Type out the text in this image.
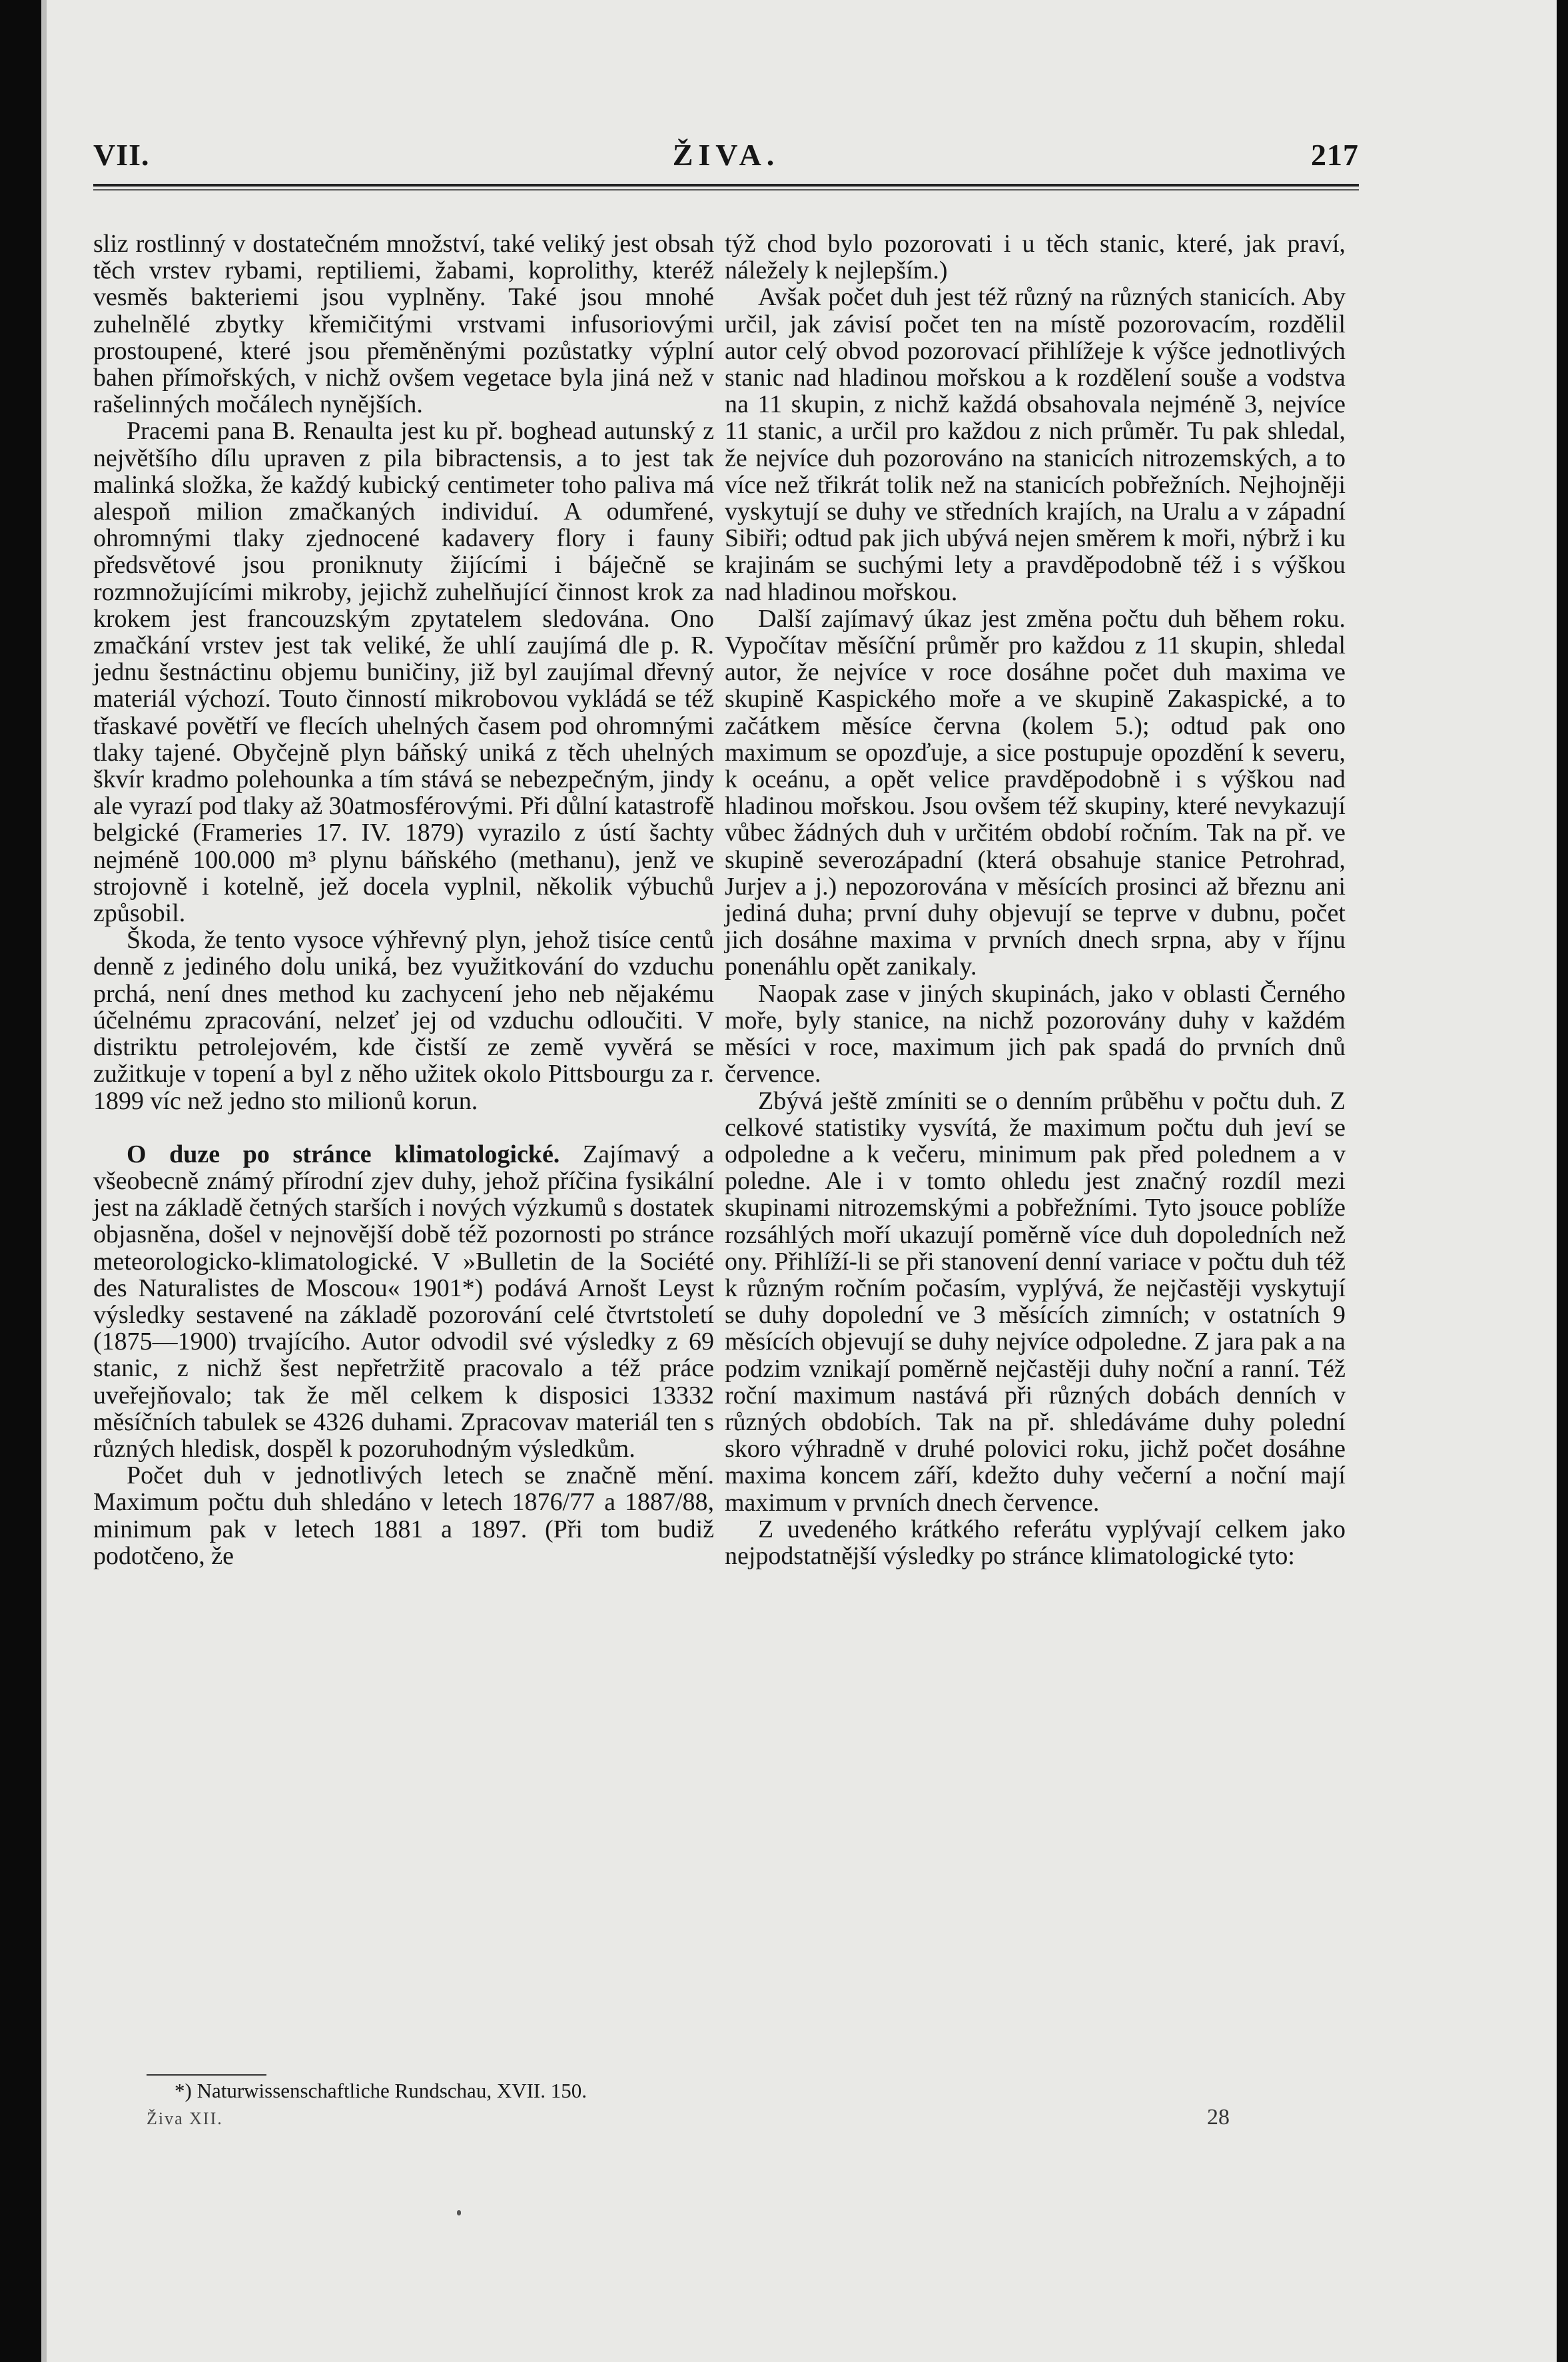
VII.	ŽIVA.	217

sliz rostlinný v dostatečném množství, také veliký jest obsah těch vrstev rybami, reptiliemi, žabami, koprolithy, kteréž vesměs bakteriemi jsou vyplněny. Také jsou mnohé zuhelnělé zbytky křemičitými vrstvami infusoriovými prostoupené, které jsou přeměněnými pozůstatky výplní bahen přímořských, v nichž ovšem vegetace byla jiná než v rašelinných močálech nynějších.

Pracemi pana B. Renaulta jest ku př. boghead autunský z největšího dílu upraven z pila bibractensis, a to jest tak malinká složka, že každý kubický centimeter toho paliva má alespoň milion zmačkaných individuí. A odumřené, ohromnými tlaky zjednocené kadavery flory i fauny předsvětové jsou proniknuty žijícími i báječně se rozmnožujícími mikroby, jejichž zuhelňující činnost krok za krokem jest francouzským zpytatelem sledována. Ono zmačkání vrstev jest tak veliké, že uhlí zaujímá dle p. R. jednu šestnáctinu objemu buničiny, již byl zaujímal dřevný materiál výchozí. Touto činností mikrobovou vykládá se též třaskavé povětří ve flecích uhelných časem pod ohromnými tlaky tajené. Obyčejně plyn báňský uniká z těch uhelných škvír kradmo polehounka a tím stává se nebezpečným, jindy ale vyrazí pod tlaky až 30atmosférovými. Při důlní katastrofě belgické (Frameries 17. IV. 1879) vyrazilo z ústí šachty nejméně 100.000 m³ plynu báňského (methanu), jenž ve strojovně i kotelně, jež docela vyplnil, několik výbuchů způsobil.

Škoda, že tento vysoce výhřevný plyn, jehož tisíce centů denně z jediného dolu uniká, bez využitkování do vzduchu prchá, není dnes method ku zachycení jeho neb nějakému účelnému zpracování, nelzeť jej od vzduchu odloučiti. V distriktu petrolejovém, kde čistší ze země vyvěrá se zužitkuje v topení a byl z něho užitek okolo Pittsbourgu za r. 1899 víc než jedno sto milionů korun.

O duze po stránce klimatologické. Zajímavý a všeobecně známý přírodní zjev duhy, jehož příčina fysikální jest na základě četných starších i nových výzkumů s dostatek objasněna, došel v nejnovější době též pozornosti po stránce meteorologicko-klimatologické. V »Bulletin de la Société des Naturalistes de Moscou« 1901*) podává Arnošt Leyst výsledky sestavené na základě pozorování celé čtvrtstoletí (1875—1900) trvajícího. Autor odvodil své výsledky z 69 stanic, z nichž šest nepřetržitě pracovalo a též práce uveřejňovalo; tak že měl celkem k disposici 13332 měsíčních tabulek se 4326 duhami. Zpracovav materiál ten s různých hledisk, dospěl k pozoruhodným výsledkům.

Počet duh v jednotlivých letech se značně mění. Maximum počtu duh shledáno v letech 1876/77 a 1887/88, minimum pak v letech 1881 a 1897. (Při tom budiž podotčeno, že

týž chod bylo pozorovati i u těch stanic, které, jak praví, náležely k nejlepším.)

Avšak počet duh jest též různý na různých stanicích. Aby určil, jak závisí počet ten na místě pozorovacím, rozdělil autor celý obvod pozorovací přihlížeje k výšce jednotlivých stanic nad hladinou mořskou a k rozdělení souše a vodstva na 11 skupin, z nichž každá obsahovala nejméně 3, nejvíce 11 stanic, a určil pro každou z nich průměr. Tu pak shledal, že nejvíce duh pozorováno na stanicích nitrozemských, a to více než třikrát tolik než na stanicích pobřežních. Nejhojněji vyskytují se duhy ve středních krajích, na Uralu a v západní Sibiři; odtud pak jich ubývá nejen směrem k moři, nýbrž i ku krajinám se suchými lety a pravděpodobně též i s výškou nad hladinou mořskou.

Další zajímavý úkaz jest změna počtu duh během roku. Vypočítav měsíční průměr pro každou z 11 skupin, shledal autor, že nejvíce v roce dosáhne počet duh maxima ve skupině Kaspického moře a ve skupině Zakaspické, a to začátkem měsíce června (kolem 5.); odtud pak ono maximum se opozďuje, a sice postupuje opozdění k severu, k oceánu, a opět velice pravděpodobně i s výškou nad hladinou mořskou. Jsou ovšem též skupiny, které nevykazují vůbec žádných duh v určitém období ročním. Tak na př. ve skupině severozápadní (která obsahuje stanice Petrohrad, Jurjev a j.) nepozorována v měsících prosinci až březnu ani jediná duha; první duhy objevují se teprve v dubnu, počet jich dosáhne maxima v prvních dnech srpna, aby v říjnu ponenáhlu opět zanikaly.

Naopak zase v jiných skupinách, jako v oblasti Černého moře, byly stanice, na nichž pozorovány duhy v každém měsíci v roce, maximum jich pak spadá do prvních dnů července.

Zbývá ještě zmíniti se o denním průběhu v počtu duh. Z celkové statistiky vysvítá, že maximum počtu duh jeví se odpoledne a k večeru, minimum pak před polednem a v poledne. Ale i v tomto ohledu jest značný rozdíl mezi skupinami nitrozemskými a pobřežními. Tyto jsouce poblíže rozsáhlých moří ukazují poměrně více duh dopoledních než ony. Přihlíží-li se při stanovení denní variace v počtu duh též k různým ročním počasím, vyplývá, že nejčastěji vyskytují se duhy dopolední ve 3 měsících zimních; v ostatních 9 měsících objevují se duhy nejvíce odpoledne. Z jara pak a na podzim vznikají poměrně nejčastěji duhy noční a ranní. Též roční maximum nastává při různých dobách denních v různých obdobích. Tak na př. shledáváme duhy polední skoro výhradně v druhé polovici roku, jichž počet dosáhne maxima koncem září, kdežto duhy večerní a noční mají maximum v prvních dnech července.

Z uvedeného krátkého referátu vyplývají celkem jako nejpodstatnější výsledky po stránce klimatologické tyto:

*) Naturwissenschaftliche Rundschau, XVII. 150.
Živa XII.	28
